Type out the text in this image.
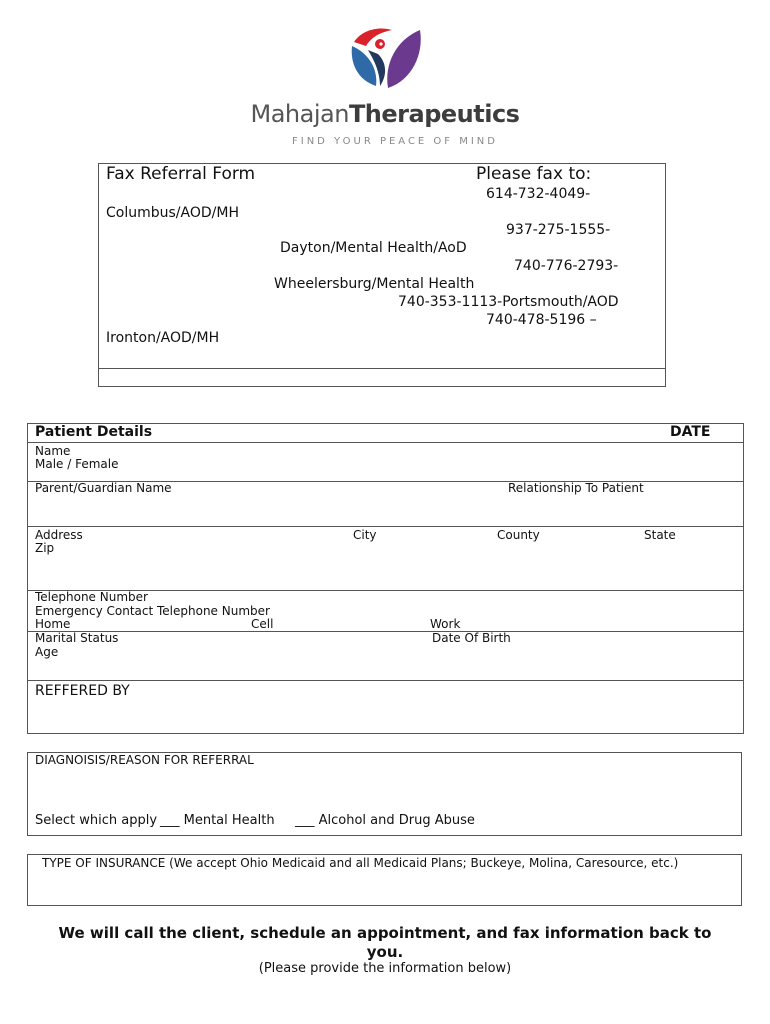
MahajanTherapeutics
FIND YOUR PEACE OF MIND
Fax Referral Form	Please fax to:
614-732-4049-
Columbus/AOD/MH
937-275-1555-
Dayton/Mental Health/AoD
740-776-2793-
Wheelersburg/Mental Health
740-353-1113-Portsmouth/AOD
740-478-5196 –
Ironton/AOD/MH
Patient Details	DATE
Name
Male / Female
Parent/Guardian Name	Relationship To Patient
Address	City	County	State
Zip
Telephone Number
Emergency Contact Telephone Number
Home	Cell	Work
Marital Status	Date Of Birth
Age
REFFERED BY
DIAGNOISIS/REASON FOR REFERRAL
Select which apply ___ Mental Health ___ Alcohol and Drug Abuse
TYPE OF INSURANCE (We accept Ohio Medicaid and all Medicaid Plans; Buckeye, Molina, Caresource, etc.)
We will call the client, schedule an appointment, and fax information back to you.
(Please provide the information below)
